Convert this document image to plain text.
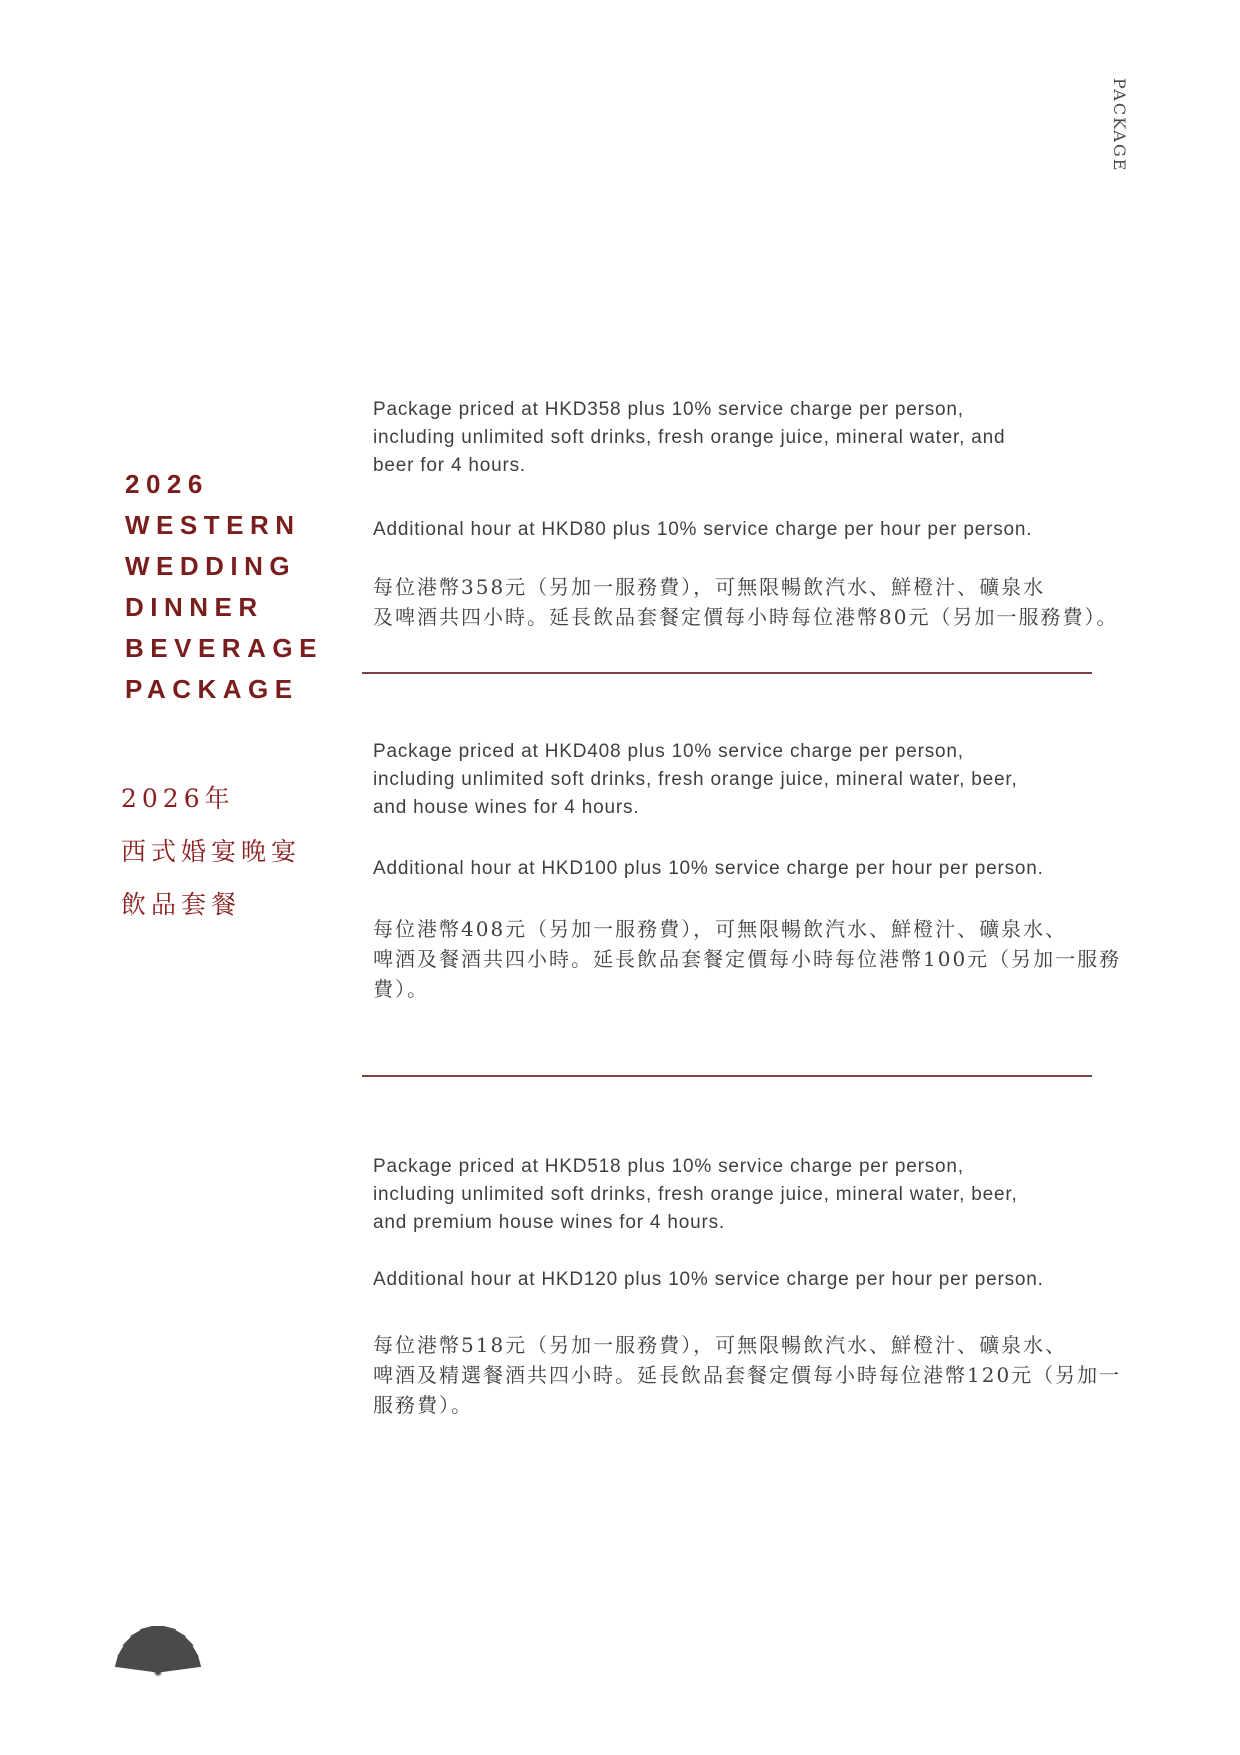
PACKAGE
2026
WESTERN
WEDDING
DINNER
BEVERAGE
PACKAGE
2026年
西式婚宴晚宴
飲品套餐
Package priced at HKD358 plus 10% service charge per person,
including unlimited soft drinks, fresh orange juice, mineral water, and
beer for 4 hours.
Additional hour at HKD80 plus 10% service charge per hour per person.
每位港幣358元（另加一服務費），可無限暢飲汽水、鮮橙汁、礦泉水
及啤酒共四小時。延長飲品套餐定價每小時每位港幣80元（另加一服務費）。
Package priced at HKD408 plus 10% service charge per person,
including unlimited soft drinks, fresh orange juice, mineral water, beer,
and house wines for 4 hours.
Additional hour at HKD100 plus 10% service charge per hour per person.
每位港幣408元（另加一服務費），可無限暢飲汽水、鮮橙汁、礦泉水、
啤酒及餐酒共四小時。延長飲品套餐定價每小時每位港幣100元（另加一服務
費）。
Package priced at HKD518 plus 10% service charge per person,
including unlimited soft drinks, fresh orange juice, mineral water, beer,
and premium house wines for 4 hours.
Additional hour at HKD120 plus 10% service charge per hour per person.
每位港幣518元（另加一服務費），可無限暢飲汽水、鮮橙汁、礦泉水、
啤酒及精選餐酒共四小時。延長飲品套餐定價每小時每位港幣120元（另加一
服務費）。
